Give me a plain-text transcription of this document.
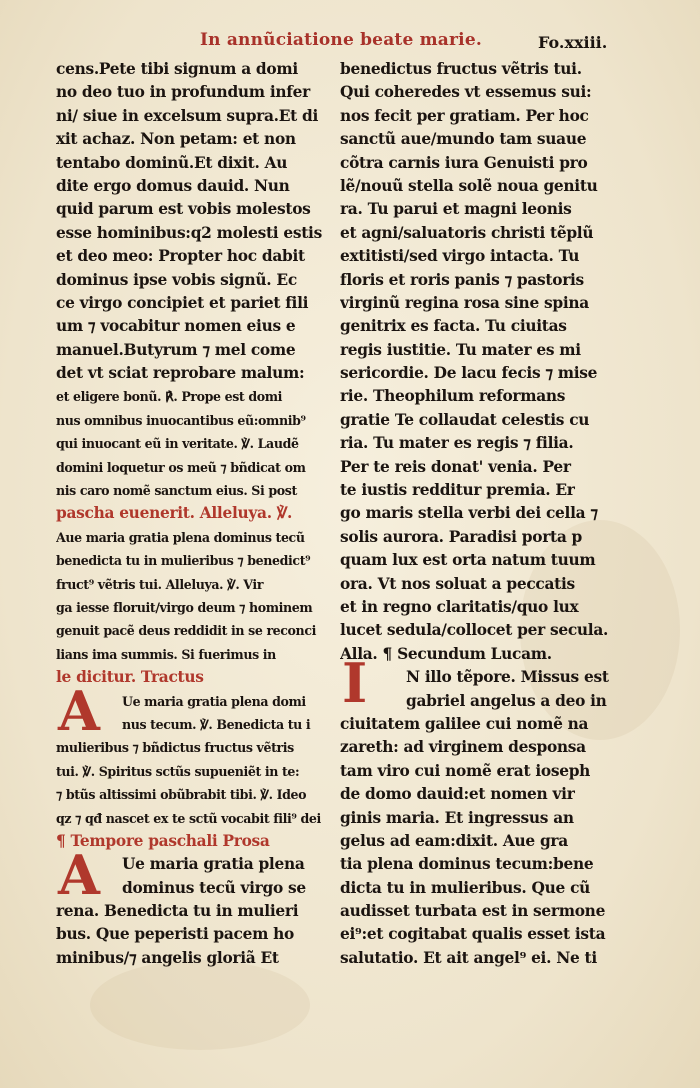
In annũciatione beate marie.	Fo.xxiii.
cens.Pete tibi signum a domi
no deo tuo in profundum infer
ni/ siue in excelsum supra.Et di
xit achaz. Non petam: et non
tentabo dominũ.Et dixit. Au
dite ergo domus dauid. Nun
quid parum est vobis molestos
esse hominibus:q2 molesti estis
et deo meo: Propter hoc dabit
dominus ipse vobis signũ. Ec
ce virgo concipiet et pariet fili
um ⁊ vocabitur nomen eius e
manuel.Butyrum ⁊ mel come
det vt sciat reprobare malum:
et eligere bonũ. ℟. Prope est domi
nus omnibus inuocantibus eũ:omnib⁹
qui inuocant eũ in veritate. ℣. Laudẽ
domini loquetur os meũ ⁊ bñdicat om
nis caro nomẽ sanctum eius. Si post
pascha euenerit. Alleluya. ℣.
Aue maria gratia plena dominus tecũ
benedicta tu in mulieribus ⁊ benedict⁹
fruct⁹ vẽtris tui. Alleluya. ℣. Vir
ga iesse floruit/virgo deum ⁊ hominem
genuit pacẽ deus reddidit in se reconci
lians ima summis. Si fuerimus in
le dicitur. Tractus
Ue maria gratia plena domi
nus tecum. ℣. Benedicta tu i
mulieribus ⁊ bñdictus fructus vẽtris
tui. ℣. Spiritus sctũs supueniẽt in te:
⁊ btũs altissimi obũbrabit tibi. ℣. Ideo
qz ⁊ qđ nascet ex te sctũ vocabit fili⁹ dei
¶ Tempore paschali Prosa
Ue maria gratia plena
dominus tecũ virgo se
rena. Benedicta tu in mulieri
bus. Que peperisti pacem ho
minibus/⁊ angelis gloriã Et
benedictus fructus vẽtris tui.
Qui coheredes vt essemus sui:
nos fecit per gratiam. Per hoc
sanctũ aue/mundo tam suaue
cõtra carnis iura Genuisti pro
lẽ/nouũ stella solẽ noua genitu
ra. Tu parui et magni leonis
et agni/saluatoris christi tẽplũ
extitisti/sed virgo intacta. Tu
floris et roris panis ⁊ pastoris
virginũ regina rosa sine spina
genitrix es facta. Tu ciuitas
regis iustitie. Tu mater es mi
sericordie. De lacu fecis ⁊ mise
rie. Theophilum reformans
gratie Te collaudat celestis cu
ria. Tu mater es regis ⁊ filia.
Per te reis donat' venia. Per
te iustis redditur premia. Er
go maris stella verbi dei cella ⁊
solis aurora. Paradisi porta p
quam lux est orta natum tuum
ora. Vt nos soluat a peccatis
et in regno claritatis/quo lux
lucet sedula/collocet per secula.
Alla. ¶ Secundum Lucam.
N illo tẽpore. Missus est
gabriel angelus a deo in
ciuitatem galilee cui nomẽ na
zareth: ad virginem desponsa
tam viro cui nomẽ erat ioseph
de domo dauid:et nomen vir
ginis maria. Et ingressus an
gelus ad eam:dixit. Aue gra
tia plena dominus tecum:bene
dicta tu in mulieribus. Que cũ
audisset turbata est in sermone
ei⁹:et cogitabat qualis esset ista
salutatio. Et ait angel⁹ ei. Ne ti
A
A
I
